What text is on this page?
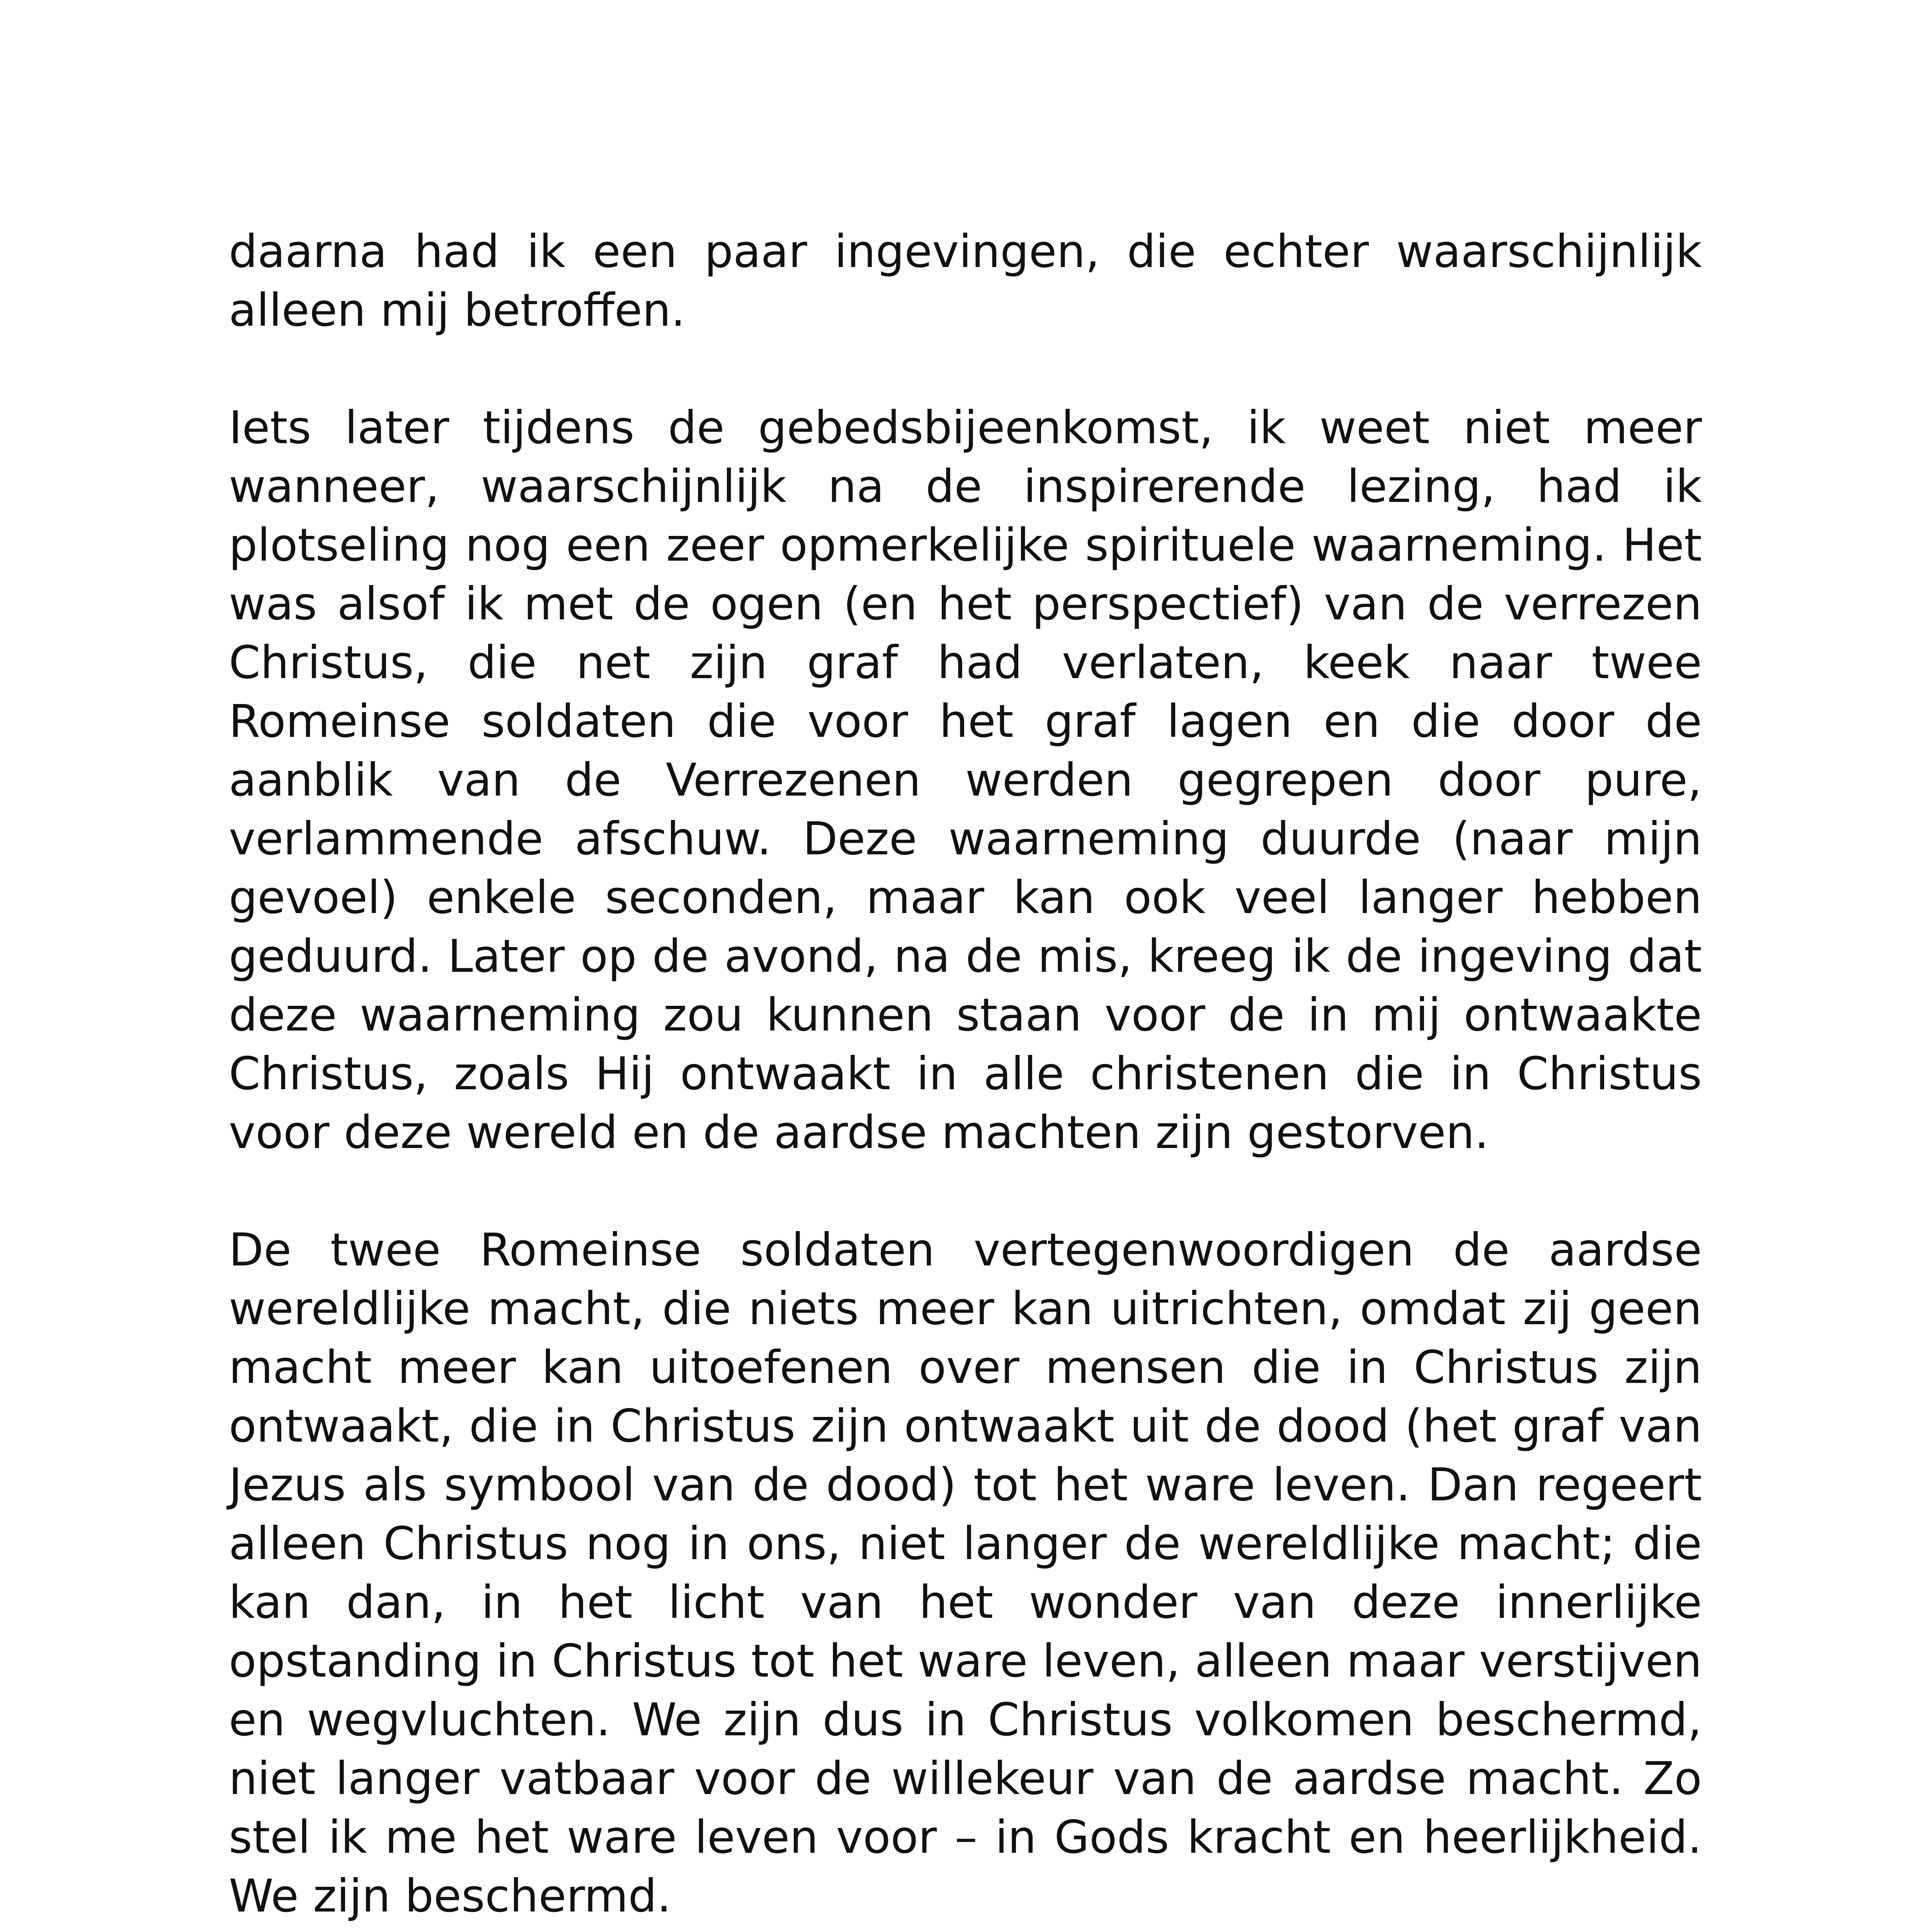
daarna had ik een paar ingevingen, die echter waarschijnlijk alleen mij betroffen.

Iets later tijdens de gebedsbijeenkomst, ik weet niet meer wanneer, waarschijnlijk na de inspirerende lezing, had ik plotseling nog een zeer opmerkelijke spirituele waarneming. Het was alsof ik met de ogen (en het perspectief) van de verrezen Christus, die net zijn graf had verlaten, keek naar twee Romeinse soldaten die voor het graf lagen en die door de aanblik van de Verrezenen werden gegrepen door pure, verlammende afschuw. Deze waarneming duurde (naar mijn gevoel) enkele seconden, maar kan ook veel langer hebben geduurd. Later op de avond, na de mis, kreeg ik de ingeving dat deze waarneming zou kunnen staan voor de in mij ontwaakte Christus, zoals Hij ontwaakt in alle christenen die in Christus voor deze wereld en de aardse machten zijn gestorven.

De twee Romeinse soldaten vertegenwoordigen de aardse wereldlijke macht, die niets meer kan uitrichten, omdat zij geen macht meer kan uitoefenen over mensen die in Christus zijn ontwaakt, die in Christus zijn ontwaakt uit de dood (het graf van Jezus als symbool van de dood) tot het ware leven. Dan regeert alleen Christus nog in ons, niet langer de wereldlijke macht; die kan dan, in het licht van het wonder van deze innerlijke opstanding in Christus tot het ware leven, alleen maar verstijven en wegvluchten. We zijn dus in Christus volkomen beschermd, niet langer vatbaar voor de willekeur van de aardse macht. Zo stel ik me het ware leven voor – in Gods kracht en heerlijkheid. We zijn beschermd.
